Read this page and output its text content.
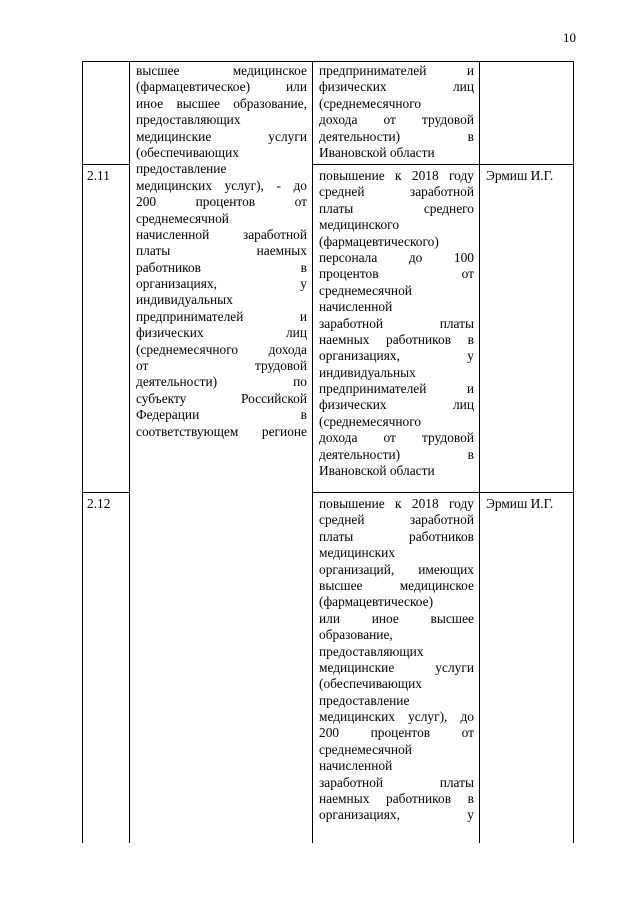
10
предпринимателей и
физических лиц
(среднемесячного
дохода от трудовой
деятельности) в
Ивановской области
2.11	повышение к 2018 году
средней заработной
платы среднего
медицинского
(фармацевтического)
персонала до 100
процентов от
среднемесячной
начисленной
заработной платы
наемных работников в
организациях, у
индивидуальных
предпринимателей и
физических лиц
(среднемесячного
дохода от трудовой
деятельности) в
Ивановской области
Эрмиш И.Г.
2.12	повышение к 2018 году
средней заработной
платы работников
медицинских
организаций, имеющих
высшее медицинское
(фармацевтическое)
или иное высшее
образование,
предоставляющих
медицинские услуги
(обеспечивающих
предоставление
медицинских услуг), до
200 процентов от
среднемесячной
начисленной
заработной платы
наемных работников в
организациях, у
Эрмиш И.Г.
высшее медицинское
(фармацевтическое) или
иное высшее образование,
предоставляющих
медицинские услуги
(обеспечивающих
предоставление
медицинских услуг), - до
200 процентов от
среднемесячной
начисленной заработной
платы наемных
работников в
организациях, у
индивидуальных
предпринимателей и
физических лиц
(среднемесячного дохода
от трудовой
деятельности) по
субъекту Российской
Федерации в
соответствующем регионе
